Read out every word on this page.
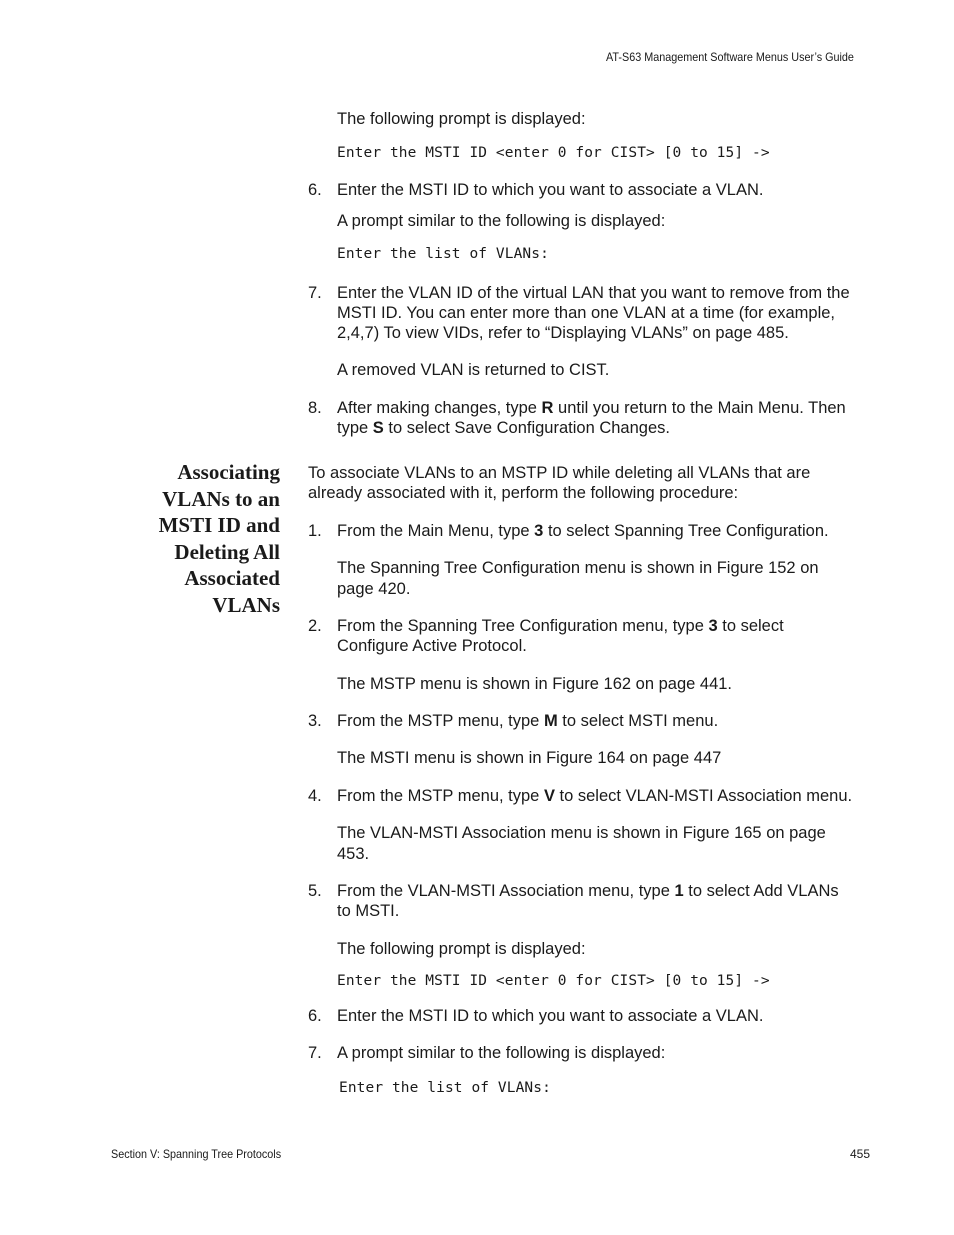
AT-S63 Management Software Menus User’s Guide
The following prompt is displayed:
Enter the MSTI ID <enter 0 for CIST> [0 to 15] ->
6. Enter the MSTI ID to which you want to associate a VLAN.
A prompt similar to the following is displayed:
Enter the list of VLANs:
7. Enter the VLAN ID of the virtual LAN that you want to remove from the
MSTI ID. You can enter more than one VLAN at a time (for example,
2,4,7) To view VIDs, refer to “Displaying VLANs” on page 485.
A removed VLAN is returned to CIST.
8. After making changes, type R until you return to the Main Menu. Then
type S to select Save Configuration Changes.
Associating
VLANs to an
MSTI ID and
Deleting All
Associated
VLANs
To associate VLANs to an MSTP ID while deleting all VLANs that are
already associated with it, perform the following procedure:
1. From the Main Menu, type 3 to select Spanning Tree Configuration.
The Spanning Tree Configuration menu is shown in Figure 152 on
page 420.
2. From the Spanning Tree Configuration menu, type 3 to select
Configure Active Protocol.
The MSTP menu is shown in Figure 162 on page 441.
3. From the MSTP menu, type M to select MSTI menu.
The MSTI menu is shown in Figure 164 on page 447
4. From the MSTP menu, type V to select VLAN-MSTI Association menu.
The VLAN-MSTI Association menu is shown in Figure 165 on page
453.
5. From the VLAN-MSTI Association menu, type 1 to select Add VLANs
to MSTI.
The following prompt is displayed:
Enter the MSTI ID <enter 0 for CIST> [0 to 15] ->
6. Enter the MSTI ID to which you want to associate a VLAN.
7. A prompt similar to the following is displayed:
Enter the list of VLANs:
Section V: Spanning Tree Protocols	455
